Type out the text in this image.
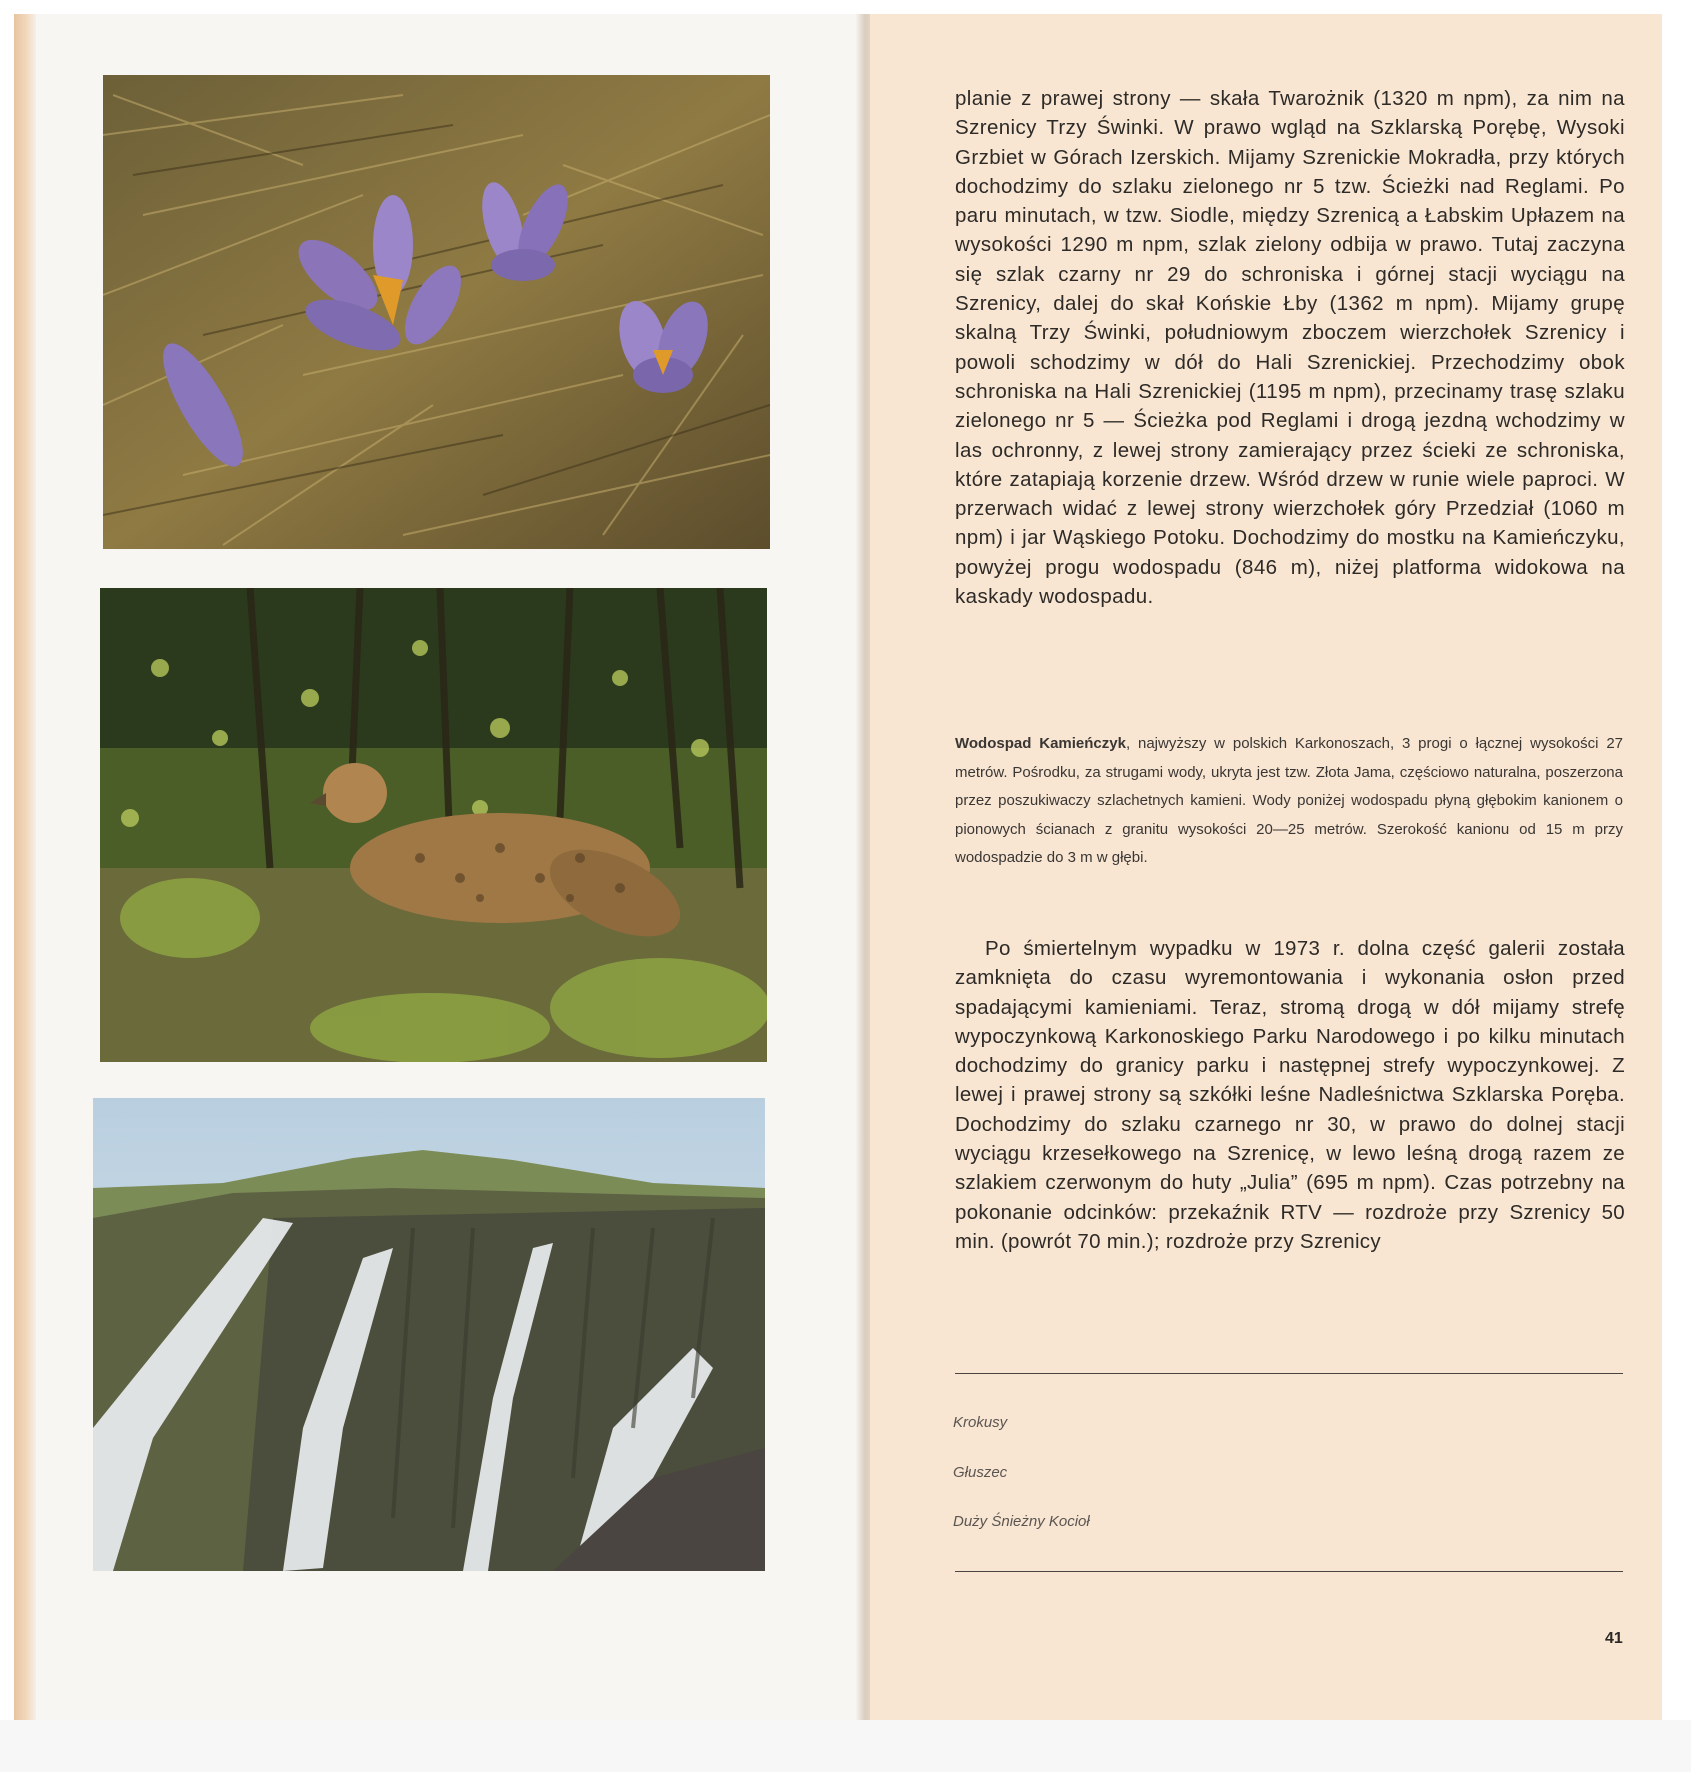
planie z prawej strony — skała Twarożnik (1320 m npm), za nim na Szrenicy Trzy Świnki. W prawo wgląd na Szklarską Porębę, Wysoki Grzbiet w Górach Izerskich. Mijamy Szrenickie Mokradła, przy których dochodzimy do szlaku zielonego nr 5 tzw. Ścieżki nad Reglami. Po paru minutach, w tzw. Siodle, między Szrenicą a Łabskim Upłazem na wysokości 1290 m npm, szlak zielony odbija w prawo. Tutaj zaczyna się szlak czarny nr 29 do schroniska i górnej stacji wyciągu na Szrenicy, dalej do skał Końskie Łby (1362 m npm). Mijamy grupę skalną Trzy Świnki, południowym zboczem wierzchołek Szrenicy i powoli schodzimy w dół do Hali Szrenickiej. Przechodzimy obok schroniska na Hali Szrenickiej (1195 m npm), przecinamy trasę szlaku zielonego nr 5 — Ścieżka pod Reglami i drogą jezdną wchodzimy w las ochronny, z lewej strony zamierający przez ścieki ze schroniska, które zatapiają korzenie drzew. Wśród drzew w runie wiele paproci. W przerwach widać z lewej strony wierzchołek góry Przedział (1060 m npm) i jar Wąskiego Potoku. Dochodzimy do mostku na Kamieńczyku, powyżej progu wodospadu (846 m), niżej platforma widokowa na kaskady wodospadu.

Wodospad Kamieńczyk, najwyższy w polskich Karkonoszach, 3 progi o łącznej wysokości 27 metrów. Pośrodku, za strugami wody, ukryta jest tzw. Złota Jama, częściowo naturalna, poszerzona przez poszukiwaczy szlachetnych kamieni. Wody poniżej wodospadu płyną głębokim kanionem o pionowych ścianach z granitu wysokości 20—25 metrów. Szerokość kanionu od 15 m przy wodospadzie do 3 m w głębi.

Po śmiertelnym wypadku w 1973 r. dolna część galerii została zamknięta do czasu wyremontowania i wykonania osłon przed spadającymi kamieniami. Teraz, stromą drogą w dół mijamy strefę wypoczynkową Karkonoskiego Parku Narodowego i po kilku minutach dochodzimy do granicy parku i następnej strefy wypoczynkowej. Z lewej i prawej strony są szkółki leśne Nadleśnictwa Szklarska Poręba. Dochodzimy do szlaku czarnego nr 30, w prawo do dolnej stacji wyciągu krzesełkowego na Szrenicę, w lewo leśną drogą razem ze szlakiem czerwonym do huty „Julia” (695 m npm). Czas potrzebny na pokonanie odcinków: przekaźnik RTV — rozdroże przy Szrenicy 50 min. (powrót 70 min.); rozdroże przy Szrenicy

Krokusy

Głuszec

Duży Śnieżny Kocioł

41
